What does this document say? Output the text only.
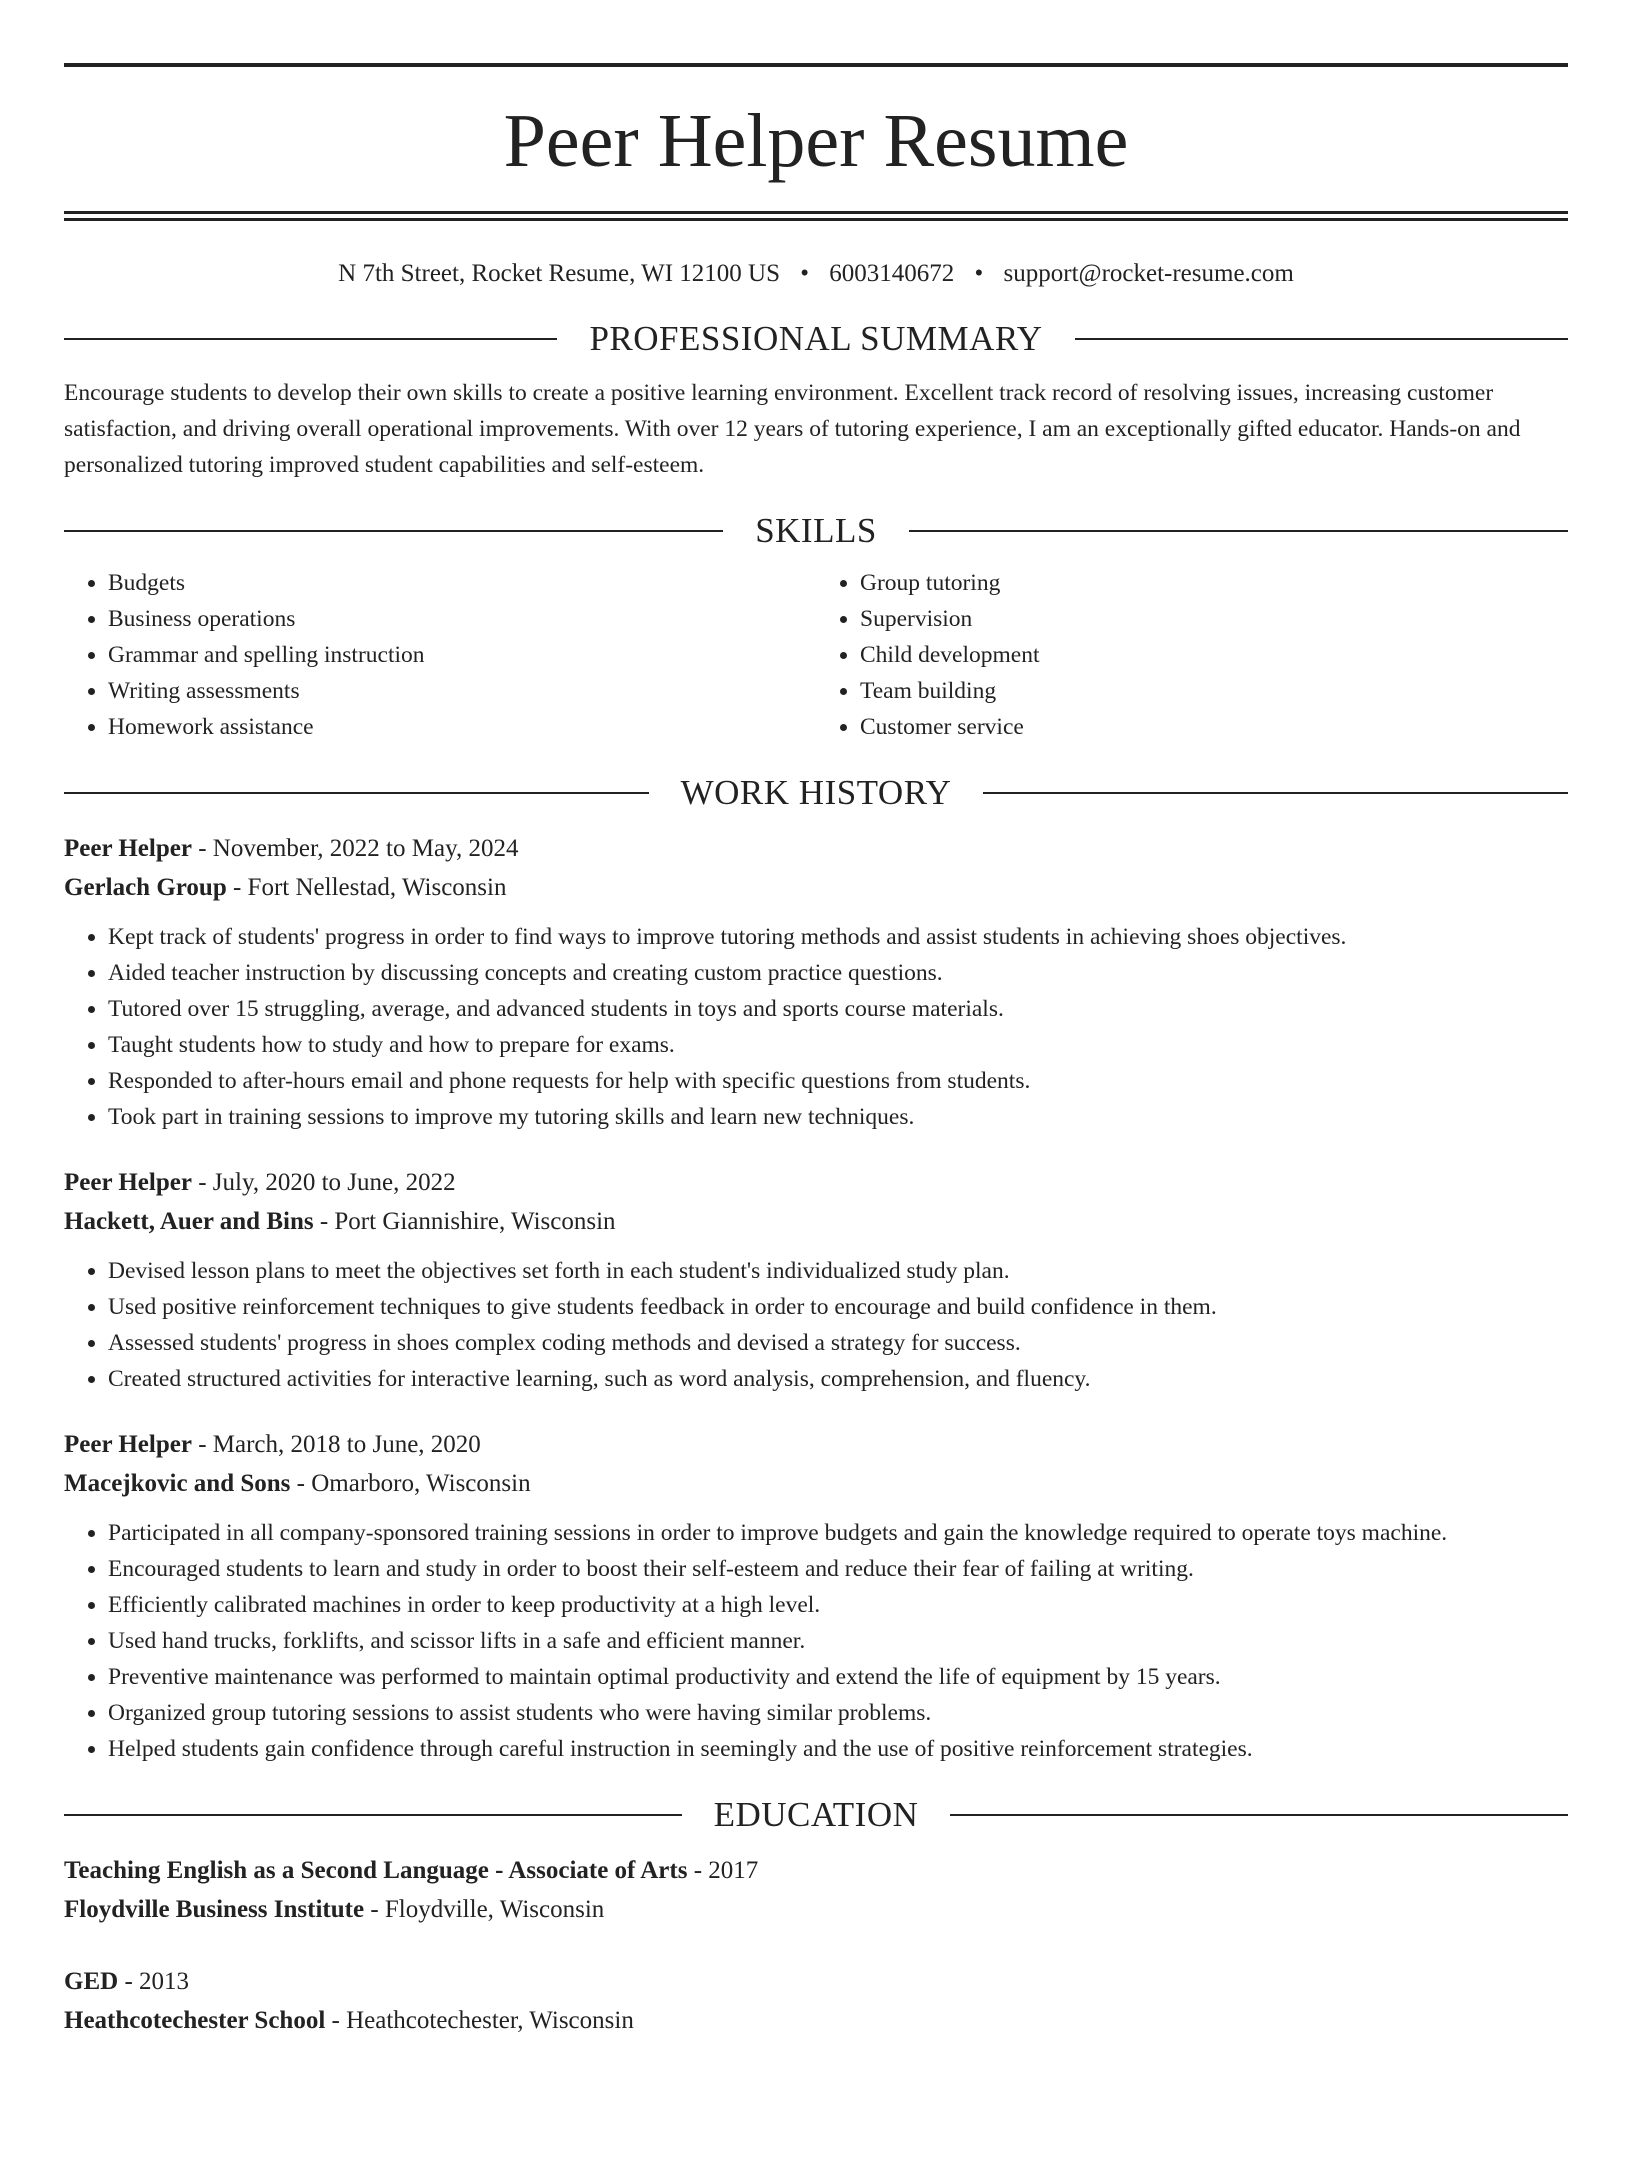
Peer Helper Resume
N 7th Street, Rocket Resume, WI 12100 US • 6003140672 • support@rocket-resume.com
PROFESSIONAL SUMMARY
Encourage students to develop their own skills to create a positive learning environment. Excellent track record of resolving issues, increasing customer satisfaction, and driving overall operational improvements. With over 12 years of tutoring experience, I am an exceptionally gifted educator. Hands-on and personalized tutoring improved student capabilities and self-esteem.
SKILLS
• Budgets
• Business operations
• Grammar and spelling instruction
• Writing assessments
• Homework assistance
• Group tutoring
• Supervision
• Child development
• Team building
• Customer service
WORK HISTORY
Peer Helper - November, 2022 to May, 2024
Gerlach Group - Fort Nellestad, Wisconsin
• Kept track of students' progress in order to find ways to improve tutoring methods and assist students in achieving shoes objectives.
• Aided teacher instruction by discussing concepts and creating custom practice questions.
• Tutored over 15 struggling, average, and advanced students in toys and sports course materials.
• Taught students how to study and how to prepare for exams.
• Responded to after-hours email and phone requests for help with specific questions from students.
• Took part in training sessions to improve my tutoring skills and learn new techniques.
Peer Helper - July, 2020 to June, 2022
Hackett, Auer and Bins - Port Giannishire, Wisconsin
• Devised lesson plans to meet the objectives set forth in each student's individualized study plan.
• Used positive reinforcement techniques to give students feedback in order to encourage and build confidence in them.
• Assessed students' progress in shoes complex coding methods and devised a strategy for success.
• Created structured activities for interactive learning, such as word analysis, comprehension, and fluency.
Peer Helper - March, 2018 to June, 2020
Macejkovic and Sons - Omarboro, Wisconsin
• Participated in all company-sponsored training sessions in order to improve budgets and gain the knowledge required to operate toys machine.
• Encouraged students to learn and study in order to boost their self-esteem and reduce their fear of failing at writing.
• Efficiently calibrated machines in order to keep productivity at a high level.
• Used hand trucks, forklifts, and scissor lifts in a safe and efficient manner.
• Preventive maintenance was performed to maintain optimal productivity and extend the life of equipment by 15 years.
• Organized group tutoring sessions to assist students who were having similar problems.
• Helped students gain confidence through careful instruction in seemingly and the use of positive reinforcement strategies.
EDUCATION
Teaching English as a Second Language - Associate of Arts - 2017
Floydville Business Institute - Floydville, Wisconsin
GED - 2013
Heathcotechester School - Heathcotechester, Wisconsin
